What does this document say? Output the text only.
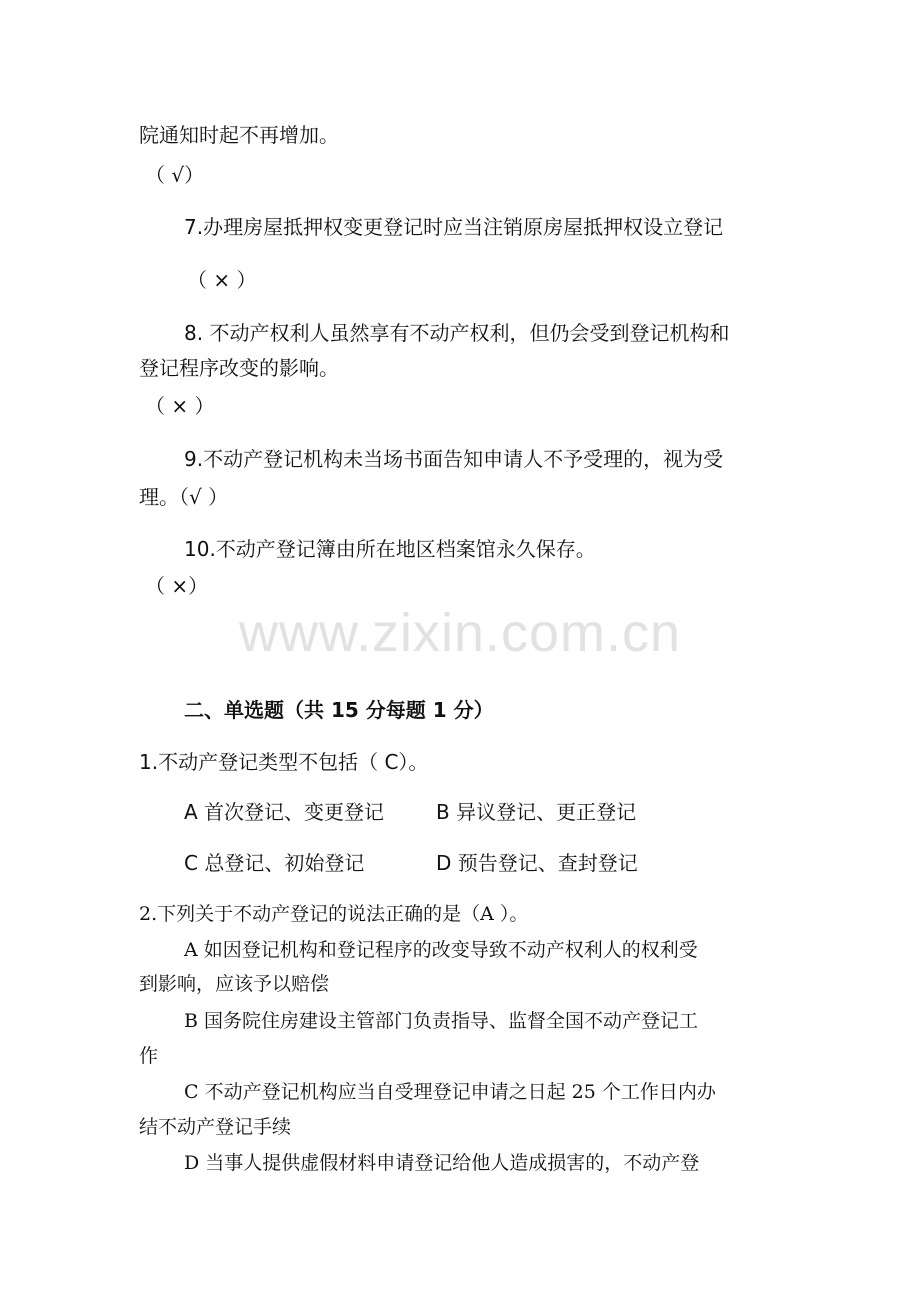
www.zixin.com.cn
院通知时起不再增加。
（ √）
7.办理房屋抵押权变更登记时应当注销原房屋抵押权设立登记
（ × ）
8. 不动产权利人虽然享有不动产权利，但仍会受到登记机构和
登记程序改变的影响。
（ × ）
9.不动产登记机构未当场书面告知申请人不予受理的，视为受
理。（√ ）
10.不动产登记簿由所在地区档案馆永久保存。
（ ×）
二、单选题（共 15 分每题 1 分）
1.不动产登记类型不包括（ C）。
A 首次登记、变更登记	B 异议登记、更正登记
C 总登记、初始登记	D 预告登记、查封登记
2.下列关于不动产登记的说法正确的是（A ）。
A 如因登记机构和登记程序的改变导致不动产权利人的权利受
到影响，应该予以赔偿
B 国务院住房建设主管部门负责指导、监督全国不动产登记工
作
C 不动产登记机构应当自受理登记申请之日起 25 个工作日内办
结不动产登记手续
D 当事人提供虚假材料申请登记给他人造成损害的，不动产登
